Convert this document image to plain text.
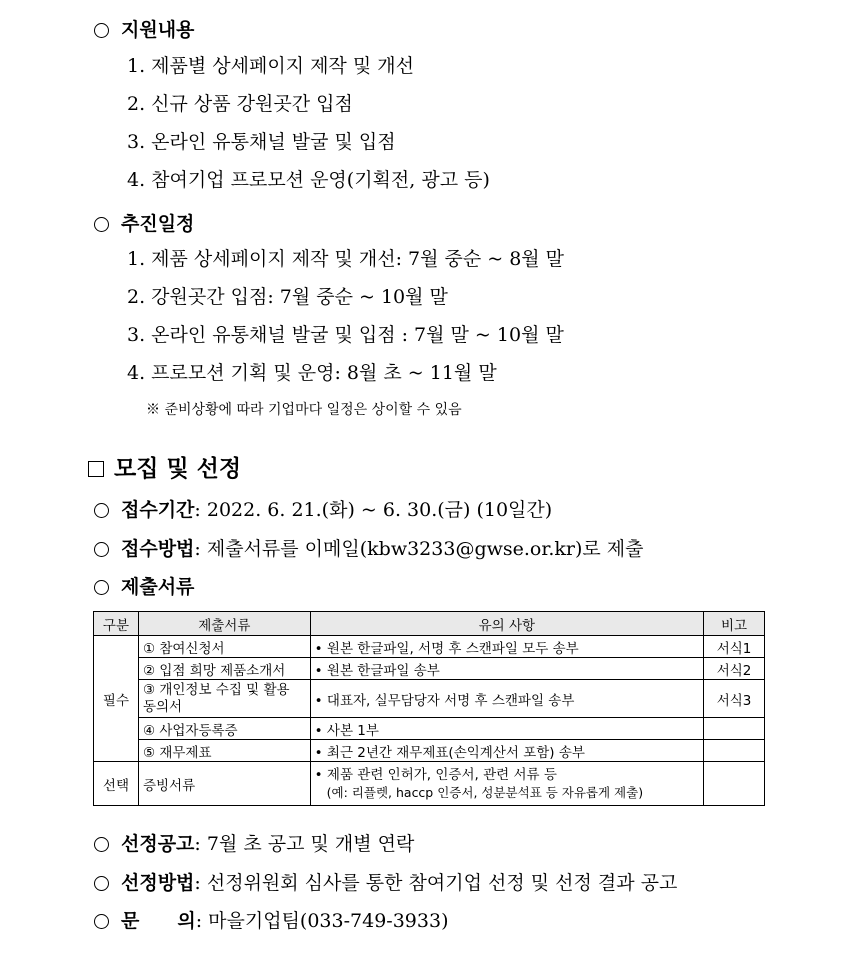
지원내용
1. 제품별 상세페이지 제작 및 개선
2. 신규 상품 강원곳간 입점
3. 온라인 유통채널 발굴 및 입점
4. 참여기업 프로모션 운영(기획전, 광고 등)
추진일정
1. 제품 상세페이지 제작 및 개선: 7월 중순 ~ 8월 말
2. 강원곳간 입점: 7월 중순 ~ 10월 말
3. 온라인 유통채널 발굴 및 입점 : 7월 말 ~ 10월 말
4. 프로모션 기획 및 운영: 8월 초 ~ 11월 말
※ 준비상황에 따라 기업마다 일정은 상이할 수 있음
모집 및 선정
접수기간: 2022. 6. 21.(화) ~ 6. 30.(금) (10일간)
접수방법: 제출서류를 이메일(kbw3233@gwse.or.kr)로 제출
제출서류
구분	제출서류	유의 사항	비고
필수	① 참여신청서	• 원본 한글파일, 서명 후 스캔파일 모두 송부	서식1
	② 입점 희망 제품소개서	• 원본 한글파일 송부	서식2
	③ 개인정보 수집 및 활용 동의서	• 대표자, 실무담당자 서명 후 스캔파일 송부	서식3
	④ 사업자등록증	• 사본 1부	
	⑤ 재무제표	• 최근 2년간 재무제표(손익계산서 포함) 송부	
선택	증빙서류	• 제품 관련 인허가, 인증서, 관련 서류 등
(예: 리플렛, haccp 인증서, 성분분석표 등 자유롭게 제출)	

선정공고: 7월 초 공고 및 개별 연락
선정방법: 선정위원회 심사를 통한 참여기업 선정 및 선정 결과 공고
문　　의: 마을기업팀(033-749-3933)
